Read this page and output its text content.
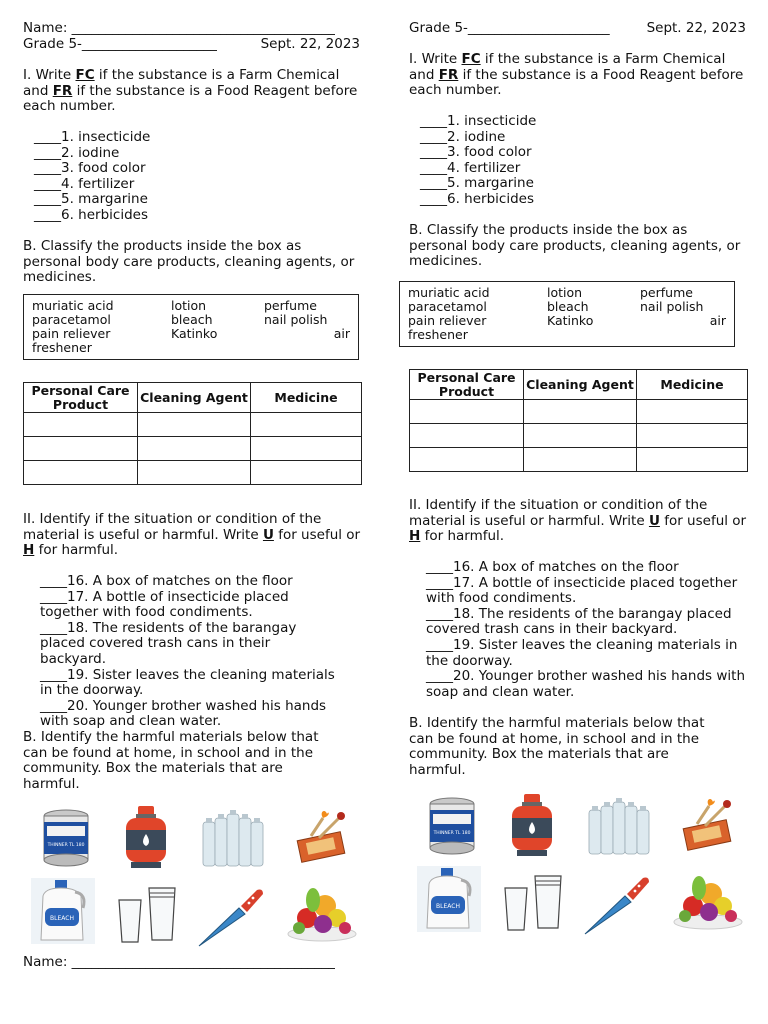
Name: _______________________________________
Grade 5-____________________	Sept. 22, 2023
I. Write FC if the substance is a Farm Chemical and FR if the substance is a Food Reagent before each number.
____1. insecticide
____2. iodine
____3. food color
____4. fertilizer
____5. margarine
____6. herbicides
B. Classify the products inside the box as personal body care products, cleaning agents, or medicines.
muriatic acid	lotion	perfume
paracetamol	bleach	nail polish
pain reliever	Katinko	air
freshener
Personal Care Product	Cleaning Agent	Medicine

II. Identify if the situation or condition of the material is useful or harmful. Write U for useful or H for harmful.
____16. A box of matches on the floor
____17. A bottle of insecticide placed together with food condiments.
____18. The residents of the barangay placed covered trash cans in their backyard.
____19. Sister leaves the cleaning materials in the doorway.
____20. Younger brother washed his hands with soap and clean water.
B. Identify the harmful materials below that can be found at home, in school and in the community. Box the materials that are harmful.
THINNER TL 180
BLEACH
Name: _______________________________________
Grade 5-_____________________	Sept. 22, 2023
I. Write FC if the substance is a Farm Chemical and FR if the substance is a Food Reagent before each number.
____1. insecticide
____2. iodine
____3. food color
____4. fertilizer
____5. margarine
____6. herbicides
B. Classify the products inside the box as personal body care products, cleaning agents, or medicines.
muriatic acid	lotion	perfume
paracetamol	bleach	nail polish
pain reliever	Katinko	air
freshener
Personal Care Product	Cleaning Agent	Medicine

II. Identify if the situation or condition of the material is useful or harmful. Write U for useful or H for harmful.
____16. A box of matches on the floor
____17. A bottle of insecticide placed together with food condiments.
____18. The residents of the barangay placed covered trash cans in their backyard.
____19. Sister leaves the cleaning materials in the doorway.
____20. Younger brother washed his hands with soap and clean water.
B. Identify the harmful materials below that can be found at home, in school and in the community. Box the materials that are harmful.
THINNER TL 180
BLEACH
